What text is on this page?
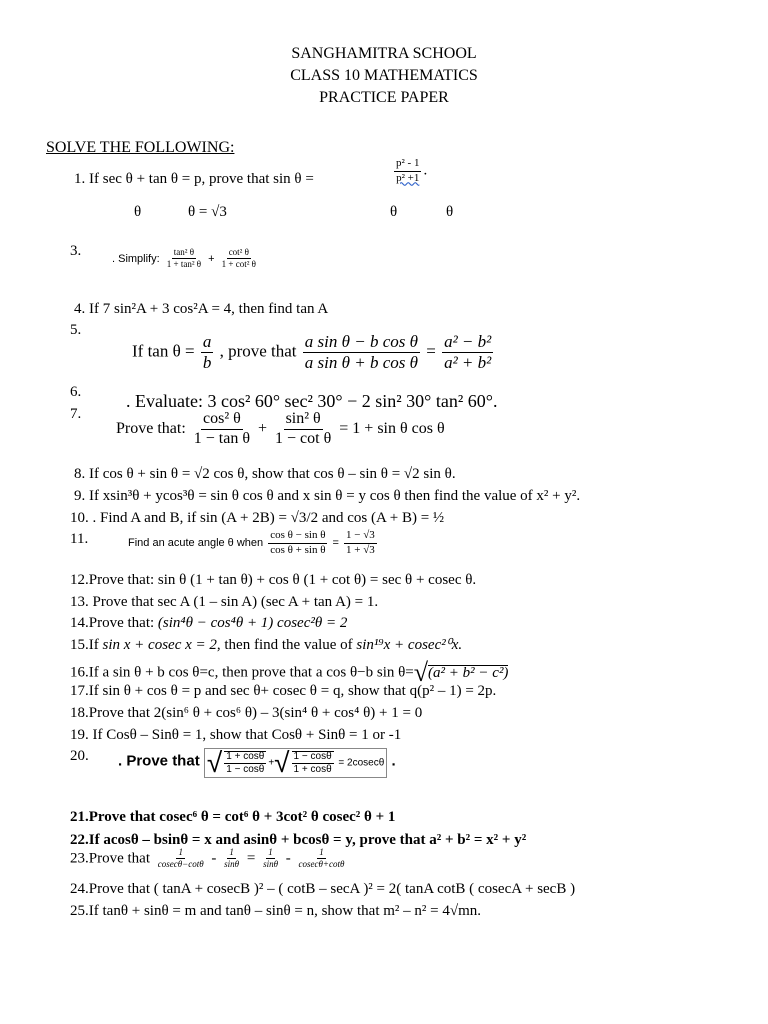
SANGHAMITRA SCHOOL
CLASS 10 MATHEMATICS
PRACTICE PAPER
SOLVE THE FOLLOWING:
1. If sec θ + tan θ = p, prove that sin θ =	$\frac{\text{p² - 1}}{\text{p² +1}}$ .
θ	θ = √3	θ	θ
3.	. Simplify: $\frac{\text{tan² θ}}{\text{1 + tan² θ}} + \frac{\text{cot² θ}}{\text{1 + cot² θ}}$
4. If 7 sin²A + 3 cos²A = 4, then find tan A
5.
If $\tan \theta = \frac{a}{b}$ , prove that $\frac{\text{a sin θ − b cos θ}}{\text{a sin θ + b cos θ}} = \frac{\text{a² − b²}}{\text{a² + b²}}$
6. . Evaluate: 3 cos² 60° sec² 30° − 2 sin² 30° tan² 60°.
7.
Prove that: $\frac{\text{cos² θ}}{\text{1 − tan θ}} + \frac{\text{sin² θ}}{\text{1 − cot θ}} = 1 + \sin \theta$ cos θ
8. If cos θ + sin θ = √2 cos θ, show that cos θ – sin θ = √2 sin θ.
9. If xsin³θ + ycos³θ = sin θ cos θ and x sin θ = y cos θ then find the value of x² + y².
10. . Find A and B, if sin (A + 2B) = √3/2 and cos (A + B) = ½
11.	Find an acute angle θ when $\frac{\text{cos θ − sin θ}}{\text{cos θ + sin θ}} = \frac{1 - √3}{1 + √3}$
12.Prove that: sin θ (1 + tan θ) + cos θ (1 + cot θ) = sec θ + cosec θ.
13. Prove that sec A (1 – sin A) (sec A + tan A) = 1.
14.Prove that: (sin⁴θ − cos⁴θ + 1) cosec²θ = 2
15.If sin x + cosec x = 2, then find the value of sin¹⁹x + cosec²⁰x.
16.If a sin θ + b cos θ=c, then prove that a cos θ−b sin θ= √ (a² + b² − c²)
17.If sin θ + cos θ = p and sec θ+ cosec θ = q, show that q(p² – 1) = 2p.
18.Prove that 2(sin⁶ θ + cos⁶ θ) – 3(sin⁴ θ + cos⁴ θ) + 1 = 0
19. If Cosθ – Sinθ = 1, show that Cosθ + Sinθ = 1 or -1
20. . Prove that √ $\frac{1 + \cos\theta}{1 - \cos\theta}$ + √ $\frac{1 - \cos\theta}{1 + \cos\theta} = 2cosec\theta$ .
21.Prove that cosec⁶ θ = cot⁶ θ + 3cot² θ cosec² θ + 1
22.If acosθ – bsinθ = x and asinθ + bcosθ = y, prove that a² + b² = x² + y²
23.Prove that $\frac{1}{cosec\theta-\cot\theta} - \frac{1}{\sin\theta} = \frac{1}{\sin\theta} - \frac{1}{cosec\theta+\cot\theta}$
24.Prove that ( tanA + cosecB )² – ( cotB – secA )² = 2( tanA cotB ( cosecA + secB )
25.If tanθ + sinθ = m and tanθ – sinθ = n, show that m² – n² = 4√mn.
